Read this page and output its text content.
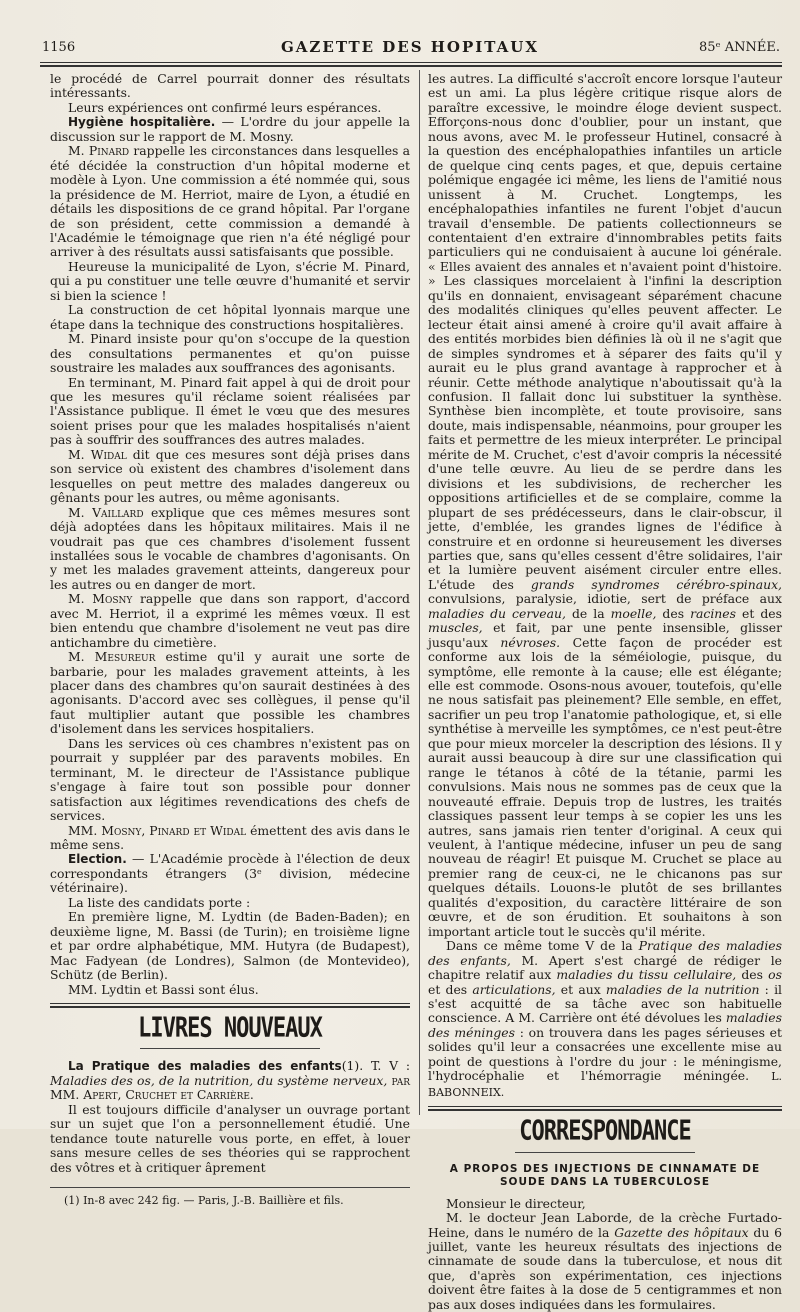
1156	GAZETTE DES HOPITAUX	85ᵉ ANNÉE.

le procédé de Carrel pourrait donner des résultats intéressants.

Leurs expériences ont confirmé leurs espérances.

Hygiène hospitalière. — L'ordre du jour appelle la discussion sur le rapport de M. Mosny.

M. Pinard rappelle les circonstances dans lesquelles a été décidée la construction d'un hôpital moderne et modèle à Lyon. Une commission a été nommée qui, sous la présidence de M. Herriot, maire de Lyon, a étudié en détails les dispositions de ce grand hôpital. Par l'organe de son président, cette commission a demandé à l'Académie le témoignage que rien n'a été négligé pour arriver à des résultats aussi satisfaisants que possible.

Heureuse la municipalité de Lyon, s'écrie M. Pinard, qui a pu constituer une telle œuvre d'humanité et servir si bien la science !

La construction de cet hôpital lyonnais marque une étape dans la technique des constructions hospitalières.

M. Pinard insiste pour qu'on s'occupe de la question des consultations permanentes et qu'on puisse soustraire les malades aux souffrances des agonisants.

En terminant, M. Pinard fait appel à qui de droit pour que les mesures qu'il réclame soient réalisées par l'Assistance publique. Il émet le vœu que des mesures soient prises pour que les malades hospitalisés n'aient pas à souffrir des souffrances des autres malades.

M. Widal dit que ces mesures sont déjà prises dans son service où existent des chambres d'isolement dans lesquelles on peut mettre des malades dangereux ou gênants pour les autres, ou même agonisants.

M. Vaillard explique que ces mêmes mesures sont déjà adoptées dans les hôpitaux militaires. Mais il ne voudrait pas que ces chambres d'isolement fussent installées sous le vocable de chambres d'agonisants. On y met les malades gravement atteints, dangereux pour les autres ou en danger de mort.

M. Mosny rappelle que dans son rapport, d'accord avec M. Herriot, il a exprimé les mêmes vœux. Il est bien entendu que chambre d'isolement ne veut pas dire antichambre du cimetière.

M. Mesureur estime qu'il y aurait une sorte de barbarie, pour les malades gravement atteints, à les placer dans des chambres qu'on saurait destinées à des agonisants. D'accord avec ses collègues, il pense qu'il faut multiplier autant que possible les chambres d'isolement dans les services hospitaliers.

Dans les services où ces chambres n'existent pas on pourrait y suppléer par des paravents mobiles. En terminant, M. le directeur de l'Assistance publique s'engage à faire tout son possible pour donner satisfaction aux légitimes revendications des chefs de services.

MM. Mosny, Pinard et Widal émettent des avis dans le même sens.

Election. — L'Académie procède à l'élection de deux correspondants étrangers (3ᵉ division, médecine vétérinaire).

La liste des candidats porte :

En première ligne, M. Lydtin (de Baden-Baden); en deuxième ligne, M. Bassi (de Turin); en troisième ligne et par ordre alphabétique, MM. Hutyra (de Budapest), Mac Fadyean (de Londres), Salmon (de Montevideo), Schütz (de Berlin).

MM. Lydtin et Bassi sont élus.

LIVRES NOUVEAUX

La Pratique des maladies des enfants(1). T. V : Maladies des os, de la nutrition, du système nerveux, par MM. Apert, Cruchet et Carrière.

Il est toujours difficile d'analyser un ouvrage portant sur un sujet que l'on a personnellement étudié. Une tendance toute naturelle vous porte, en effet, à louer sans mesure celles de ses théories qui se rapprochent des vôtres et à critiquer âprement

(1) In-8 avec 242 fig. — Paris, J.-B. Baillière et fils.

les autres. La difficulté s'accroît encore lorsque l'auteur est un ami. La plus légère critique risque alors de paraître excessive, le moindre éloge devient suspect. Efforçons-nous donc d'oublier, pour un instant, que nous avons, avec M. le professeur Hutinel, consacré à la question des encéphalopathies infantiles un article de quelque cinq cents pages, et que, depuis certaine polémique engagée ici même, les liens de l'amitié nous unissent à M. Cruchet. Longtemps, les encéphalopathies infantiles ne furent l'objet d'aucun travail d'ensemble. De patients collectionneurs se contentaient d'en extraire d'innombrables petits faits particuliers qui ne conduisaient à aucune loi générale. « Elles avaient des annales et n'avaient point d'histoire. » Les classiques morcelaient à l'infini la description qu'ils en donnaient, envisageant séparément chacune des modalités cliniques qu'elles peuvent affecter. Le lecteur était ainsi amené à croire qu'il avait affaire à des entités morbides bien définies là où il ne s'agit que de simples syndromes et à séparer des faits qu'il y aurait eu le plus grand avantage à rapprocher et à réunir. Cette méthode analytique n'aboutissait qu'à la confusion. Il fallait donc lui substituer la synthèse. Synthèse bien incomplète, et toute provisoire, sans doute, mais indispensable, néanmoins, pour grouper les faits et permettre de les mieux interpréter. Le principal mérite de M. Cruchet, c'est d'avoir compris la nécessité d'une telle œuvre. Au lieu de se perdre dans les divisions et les subdivisions, de rechercher les oppositions artificielles et de se complaire, comme la plupart de ses prédécesseurs, dans le clair-obscur, il jette, d'emblée, les grandes lignes de l'édifice à construire et en ordonne si heureusement les diverses parties que, sans qu'elles cessent d'être solidaires, l'air et la lumière peuvent aisément circuler entre elles. L'étude des grands syndromes cérébro-spinaux, convulsions, paralysie, idiotie, sert de préface aux maladies du cerveau, de la moelle, des racines et des muscles, et fait, par une pente insensible, glisser jusqu'aux névroses. Cette façon de procéder est conforme aux lois de la séméiologie, puisque, du symptôme, elle remonte à la cause; elle est élégante; elle est commode. Osons-nous avouer, toutefois, qu'elle ne nous satisfait pas pleinement? Elle semble, en effet, sacrifier un peu trop l'anatomie pathologique, et, si elle synthétise à merveille les symptômes, ce n'est peut-être que pour mieux morceler la description des lésions. Il y aurait aussi beaucoup à dire sur une classification qui range le tétanos à côté de la tétanie, parmi les convulsions. Mais nous ne sommes pas de ceux que la nouveauté effraie. Depuis trop de lustres, les traités classiques passent leur temps à se copier les uns les autres, sans jamais rien tenter d'original. A ceux qui veulent, à l'antique médecine, infuser un peu de sang nouveau de réagir! Et puisque M. Cruchet se place au premier rang de ceux-ci, ne le chicanons pas sur quelques détails. Louons-le plutôt de ses brillantes qualités d'exposition, du caractère littéraire de son œuvre, et de son érudition. Et souhaitons à son important article tout le succès qu'il mérite.

Dans ce même tome V de la Pratique des maladies des enfants, M. Apert s'est chargé de rédiger le chapitre relatif aux maladies du tissu cellulaire, des os et des articulations, et aux maladies de la nutrition : il s'est acquitté de sa tâche avec son habituelle conscience. A M. Carrière ont été dévolues les maladies des méninges : on trouvera dans les pages sérieuses et solides qu'il leur a consacrées une excellente mise au point de questions à l'ordre du jour : le méningisme, l'hydrocéphalie et l'hémorragie méningée. L. BABONNEIX.

CORRESPONDANCE
A PROPOS DES INJECTIONS DE CINNAMATE DE SOUDE DANS LA TUBERCULOSE

Monsieur le directeur,

M. le docteur Jean Laborde, de la crèche Furtado-Heine, dans le numéro de la Gazette des hôpitaux du 6 juillet, vante les heureux résultats des injections de cinnamate de soude dans la tuberculose, et nous dit que, d'après son expérimentation, ces injections doivent être faites à la dose de 5 centigrammes et non pas aux doses indiquées dans les formulaires.
